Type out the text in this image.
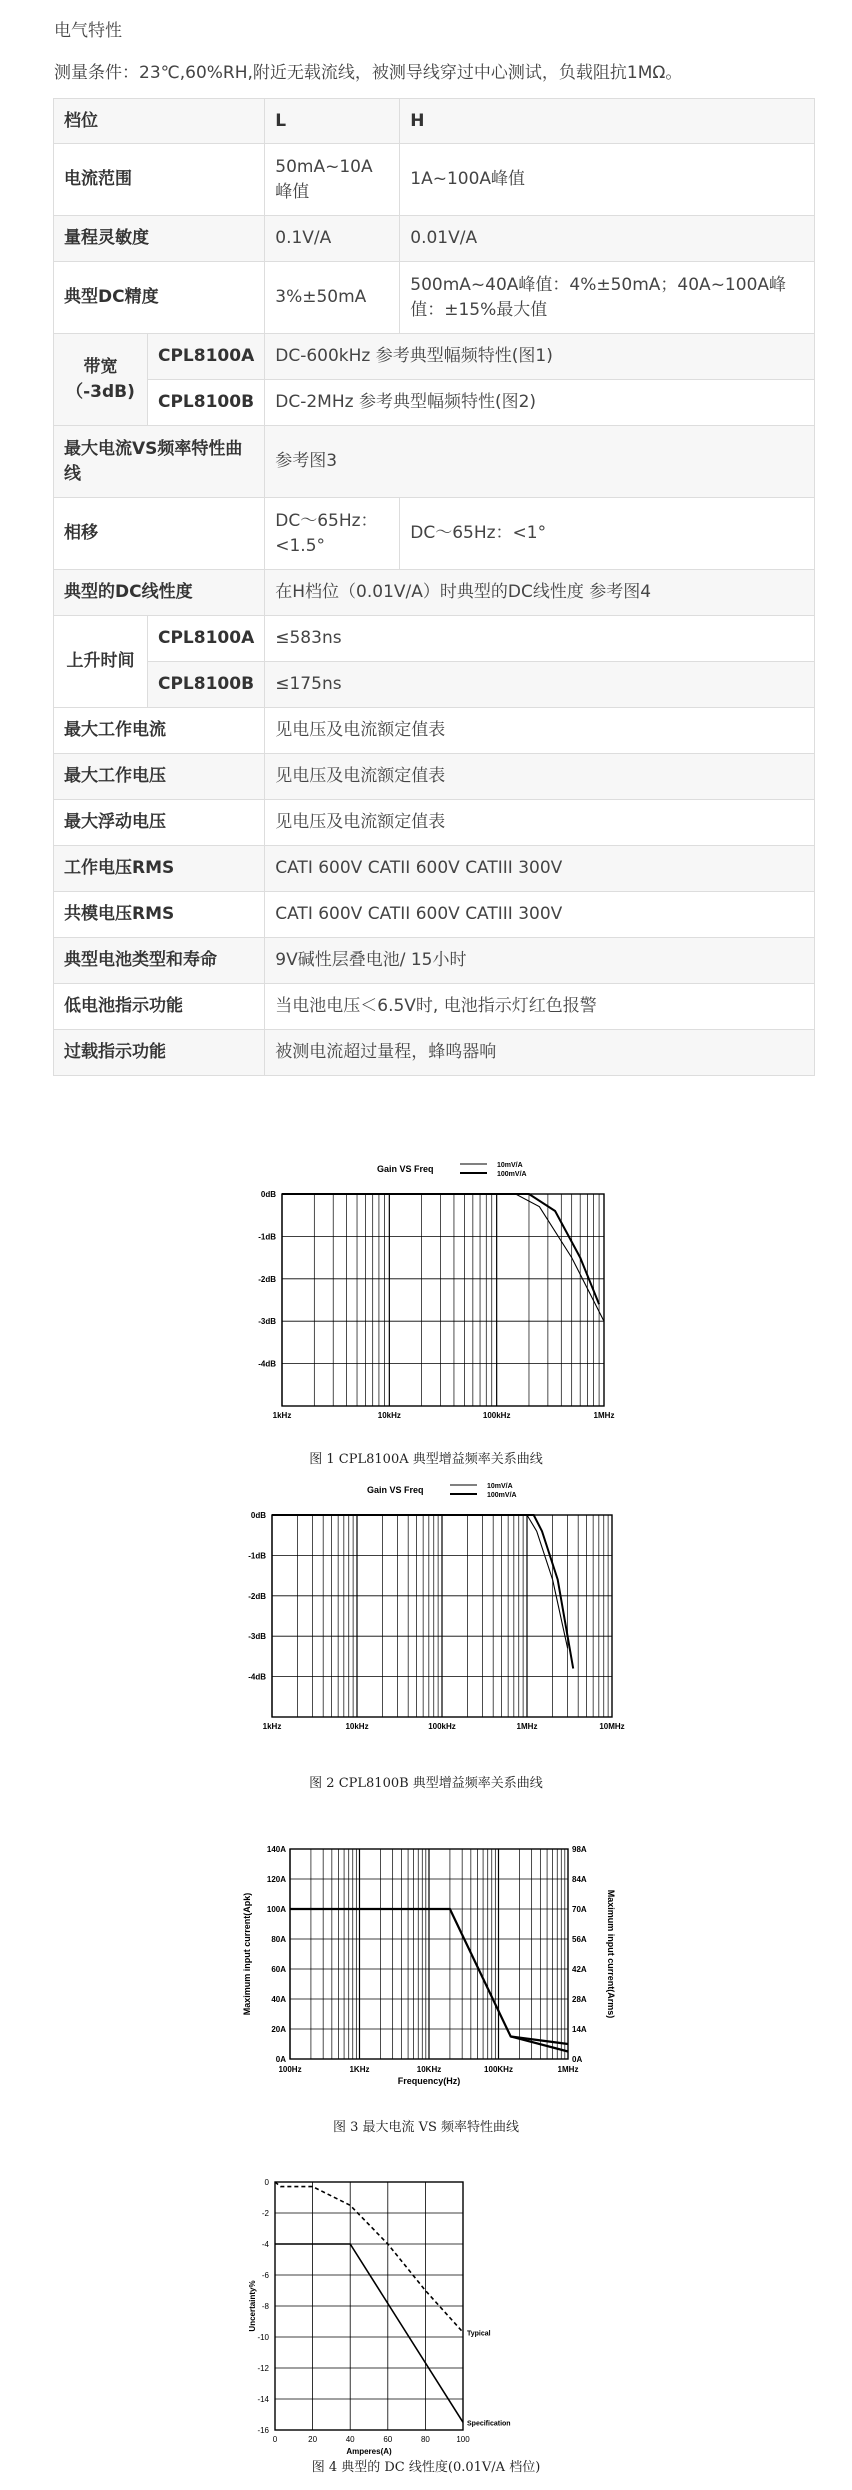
电气特性
测量条件：23℃,60%RH,附近无载流线，被测导线穿过中心测试，负载阻抗1MΩ。
档位		L	H
电流范围		50mA~10A峰值	1A~100A峰值
量程灵敏度		0.1V/A	0.01V/A
典型DC精度		3%±50mA	500mA~40A峰值：4%±50mA；40A~100A峰值：±15%最大值
带宽（-3dB)	CPL8100A	DC-600kHz 参考典型幅频特性(图1)	
	CPL8100B	DC-2MHz 参考典型幅频特性(图2)	
最大电流VS频率特性曲线		参考图3	
相移		DC～65Hz：<1.5°	DC～65Hz：<1°
典型的DC线性度		在H档位（0.01V/A）时典型的DC线性度 参考图4	
上升时间	CPL8100A	≤583ns	
	CPL8100B	≤175ns	
最大工作电流		见电压及电流额定值表	
最大工作电压		见电压及电流额定值表	
最大浮动电压		见电压及电流额定值表	
工作电压RMS		CATI 600V CATII 600V CATIII 300V	
共模电压RMS		CATI 600V CATII 600V CATIII 300V	
典型电池类型和寿命		9V碱性层叠电池/ 15小时	
低电池指示功能		当电池电压＜6.5V时, 电池指示灯红色报警	
过载指示功能		被测电流超过量程，蜂鸣器响	
Gain VS Freq	10mV/A
100mV/A
0dB
-1dB
-2dB
-3dB
-4dB
1kHz	10kHz	100kHz	1MHz
图 1 CPL8100A 典型增益频率关系曲线
Gain VS Freq	10mV/A
100mV/A
0dB
-1dB
-2dB
-3dB
-4dB
1kHz	10kHz	100kHz	1MHz	10MHz
图 2 CPL8100B 典型增益频率关系曲线
0A
20A
40A
60A
80A
100A
120A
140A
0A
14A
28A
42A
56A
70A
84A
98A
100Hz	1KHz	10KHz	100KHz	1MHz
Frequency(Hz)
Maximum input current(Apk)	Maximum input current(Arms)
图 3 最大电流 VS 频率特性曲线
0
-2
-4
-6
-8
-10
-12
-14
-16
0	20	40	60	80	100
Amperes(A)
Uncertainty%
Typical
Specification
图 4 典型的 DC 线性度(0.01V/A 档位)
